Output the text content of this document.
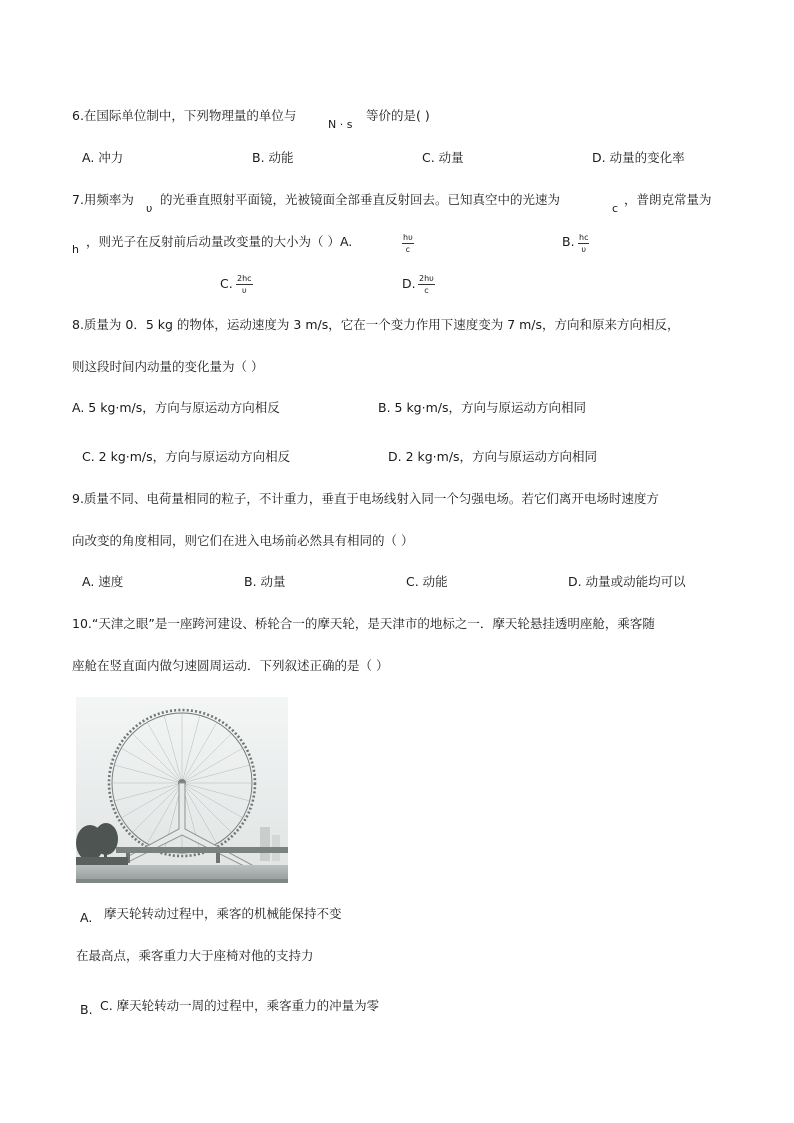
6.在国际单位制中，下列物理量的单位与
N · s
等价的是( )
A. 冲力	B. 动能	C. 动量	D. 动量的变化率
7.用频率为
υ
的光垂直照射平面镜，光被镜面全部垂直反射回去。已知真空中的光速为
c
，普朗克常量为
h
，则光子在反射前后动量改变量的大小为（ ）A.	$\frac{h\upsilon}{c}$	B. $\frac{hc}{\upsilon}$
C. $\frac{2hc}{\upsilon}$	D. $\frac{2h\upsilon}{c}$
8.质量为 0．5 kg 的物体，运动速度为 3 m/s，它在一个变力作用下速度变为 7 m/s，方向和原来方向相反，
则这段时间内动量的变化量为（ ）
A. 5 kg·m/s，方向与原运动方向相反	B. 5 kg·m/s，方向与原运动方向相同
C. 2 kg·m/s，方向与原运动方向相反	D. 2 kg·m/s，方向与原运动方向相同
9.质量不同、电荷量相同的粒子，不计重力，垂直于电场线射入同一个匀强电场。若它们离开电场时速度方
向改变的角度相同，则它们在进入电场前必然具有相同的（ ）
A. 速度	B. 动量	C. 动能	D. 动量或动能均可以
10.“天津之眼”是一座跨河建设、桥轮合一的摩天轮，是天津市的地标之一．摩天轮悬挂透明座舱，乘客随
座舱在竖直面内做匀速圆周运动．下列叙述正确的是（ ）
A. 摩天轮转动过程中，乘客的机械能保持不变
在最高点，乘客重力大于座椅对他的支持力
B. C. 摩天轮转动一周的过程中，乘客重力的冲量为零
